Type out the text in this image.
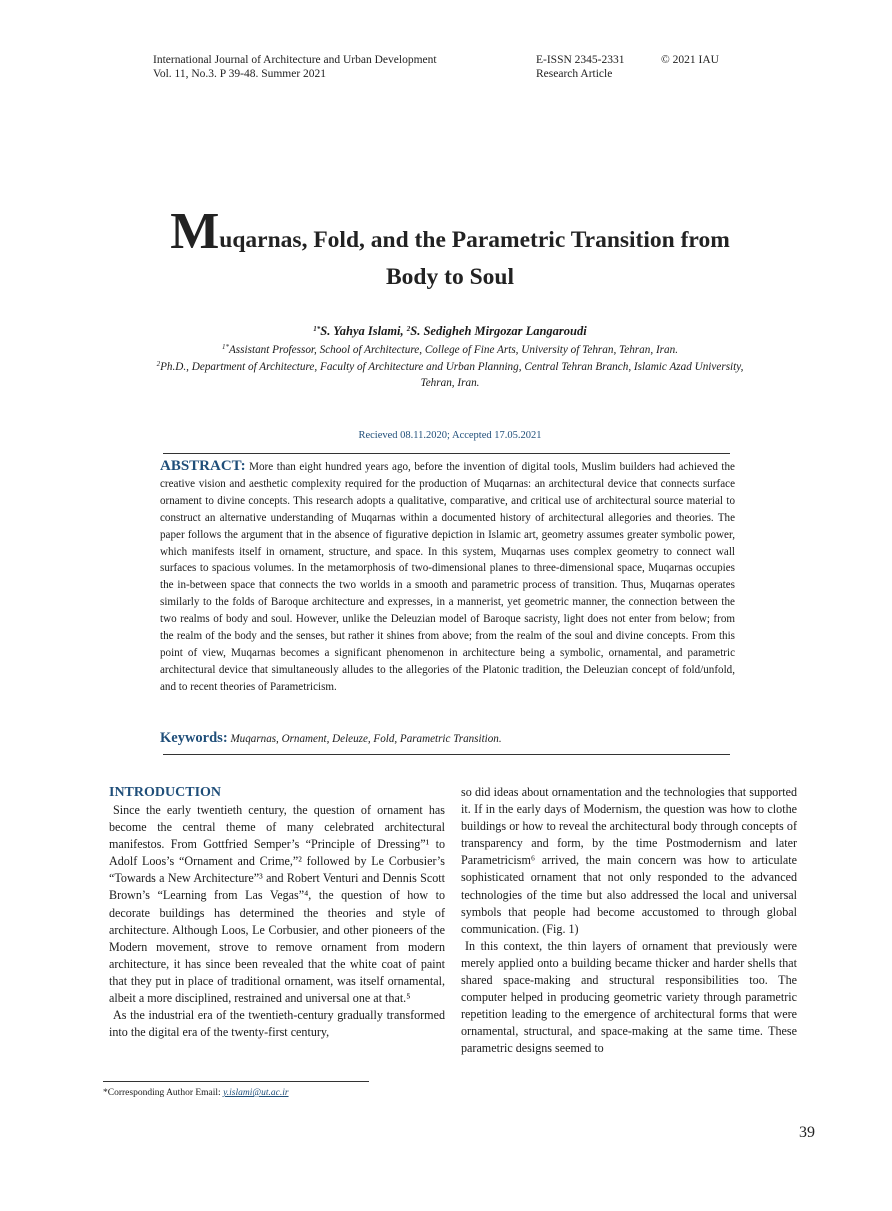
International Journal of Architecture and Urban Development
Vol. 11, No.3. P 39-48. Summer 2021
E-ISSN 2345-2331
Research Article
© 2021 IAU
Muqarnas, Fold, and the Parametric Transition from
Body to Soul
$^{1*}$S. Yahya Islami, $^2$S. Sedigheh Mirgozar Langaroudi
$^{1*}$Assistant Professor, School of Architecture, College of Fine Arts, University of Tehran, Tehran, Iran.
$^2$Ph.D., Department of Architecture, Faculty of Architecture and Urban Planning, Central Tehran Branch, Islamic Azad University, Tehran, Iran.
Recieved 08.11.2020; Accepted 17.05.2021
ABSTRACT: More than eight hundred years ago, before the invention of digital tools, Muslim builders had achieved the creative vision and aesthetic complexity required for the production of Muqarnas: an architectural device that connects surface ornament to divine concepts. This research adopts a qualitative, comparative, and critical use of architectural source material to construct an alternative understanding of Muqarnas within a documented history of architectural allegories and theories. The paper follows the argument that in the absence of figurative depiction in Islamic art, geometry assumes greater symbolic power, which manifests itself in ornament, structure, and space. In this system, Muqarnas uses complex geometry to connect wall surfaces to spacious volumes. In the metamorphosis of two-dimensional planes to three-dimensional space, Muqarnas occupies the in-between space that connects the two worlds in a smooth and parametric process of transition. Thus, Muqarnas operates similarly to the folds of Baroque architecture and expresses, in a mannerist, yet geometric manner, the connection between the two realms of body and soul. However, unlike the Deleuzian model of Baroque sacristy, light does not enter from below; from the realm of the body and the senses, but rather it shines from above; from the realm of the soul and divine concepts. From this point of view, Muqarnas becomes a significant phenomenon in architecture being a symbolic, ornamental, and parametric architectural device that simultaneously alludes to the allegories of the Platonic tradition, the Deleuzian concept of fold/unfold, and to recent theories of Parametricism.
Keywords: Muqarnas, Ornament, Deleuze, Fold, Parametric Transition.
INTRODUCTION

Since the early twentieth century, the question of ornament has become the central theme of many celebrated architectural manifestos. From Gottfried Semper’s “Principle of Dressing”¹ to Adolf Loos’s “Ornament and Crime,”² followed by Le Corbusier’s “Towards a New Architecture”³ and Robert Venturi and Dennis Scott Brown’s “Learning from Las Vegas”⁴, the question of how to decorate buildings has determined the theories and style of architecture. Although Loos, Le Corbusier, and other pioneers of the Modern movement, strove to remove ornament from modern architecture, it has since been revealed that the white coat of paint that they put in place of traditional ornament, was itself ornamental, albeit a more disciplined, restrained and universal one at that.⁵

As the industrial era of the twentieth-century gradually transformed into the digital era of the twenty-first century,

so did ideas about ornamentation and the technologies that supported it. If in the early days of Modernism, the question was how to clothe buildings or how to reveal the architectural body through concepts of transparency and form, by the time Postmodernism and later Parametricism⁶ arrived, the main concern was how to articulate sophisticated ornament that not only responded to the advanced technologies of the time but also addressed the local and universal symbols that people had become accustomed to through global communication. (Fig. 1)

In this context, the thin layers of ornament that previously were merely applied onto a building became thicker and harder shells that shared space-making and structural responsibilities too. The computer helped in producing geometric variety through parametric repetition leading to the emergence of architectural forms that were ornamental, structural, and space-making at the same time. These parametric designs seemed to

*Corresponding Author Email: y.islami@ut.ac.ir
39
